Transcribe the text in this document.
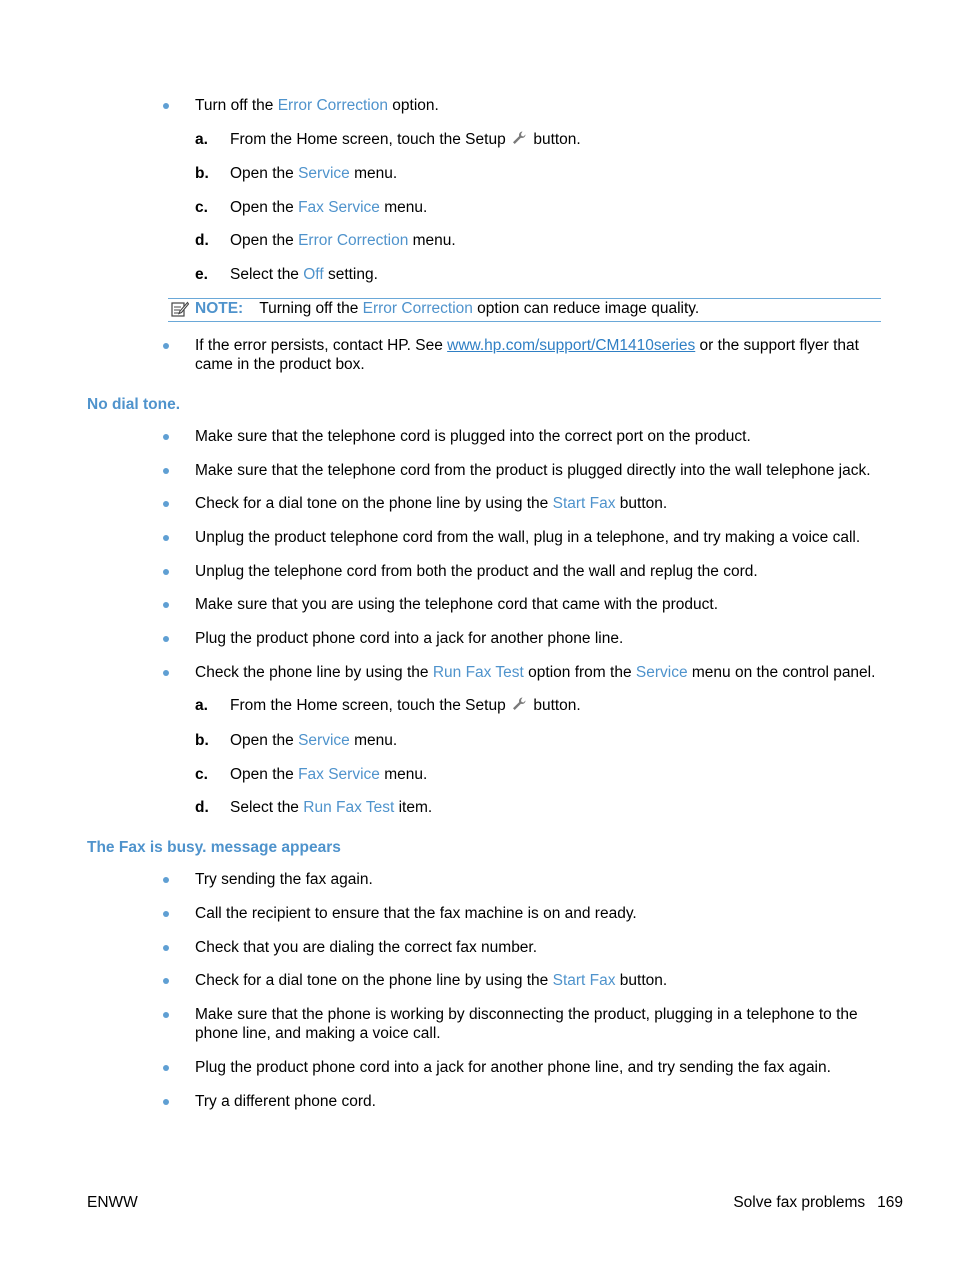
Turn off the Error Correction option.
a. From the Home screen, touch the Setup button.
b. Open the Service menu.
c. Open the Fax Service menu.
d. Open the Error Correction menu.
e. Select the Off setting.
NOTE: Turning off the Error Correction option can reduce image quality.
If the error persists, contact HP. See www.hp.com/support/CM1410series or the support flyer that came in the product box.
No dial tone.
Make sure that the telephone cord is plugged into the correct port on the product.
Make sure that the telephone cord from the product is plugged directly into the wall telephone jack.
Check for a dial tone on the phone line by using the Start Fax button.
Unplug the product telephone cord from the wall, plug in a telephone, and try making a voice call.
Unplug the telephone cord from both the product and the wall and replug the cord.
Make sure that you are using the telephone cord that came with the product.
Plug the product phone cord into a jack for another phone line.
Check the phone line by using the Run Fax Test option from the Service menu on the control panel.
a. From the Home screen, touch the Setup button.
b. Open the Service menu.
c. Open the Fax Service menu.
d. Select the Run Fax Test item.
The Fax is busy. message appears
Try sending the fax again.
Call the recipient to ensure that the fax machine is on and ready.
Check that you are dialing the correct fax number.
Check for a dial tone on the phone line by using the Start Fax button.
Make sure that the phone is working by disconnecting the product, plugging in a telephone to the phone line, and making a voice call.
Plug the product phone cord into a jack for another phone line, and try sending the fax again.
Try a different phone cord.
ENWW	Solve fax problems 169
